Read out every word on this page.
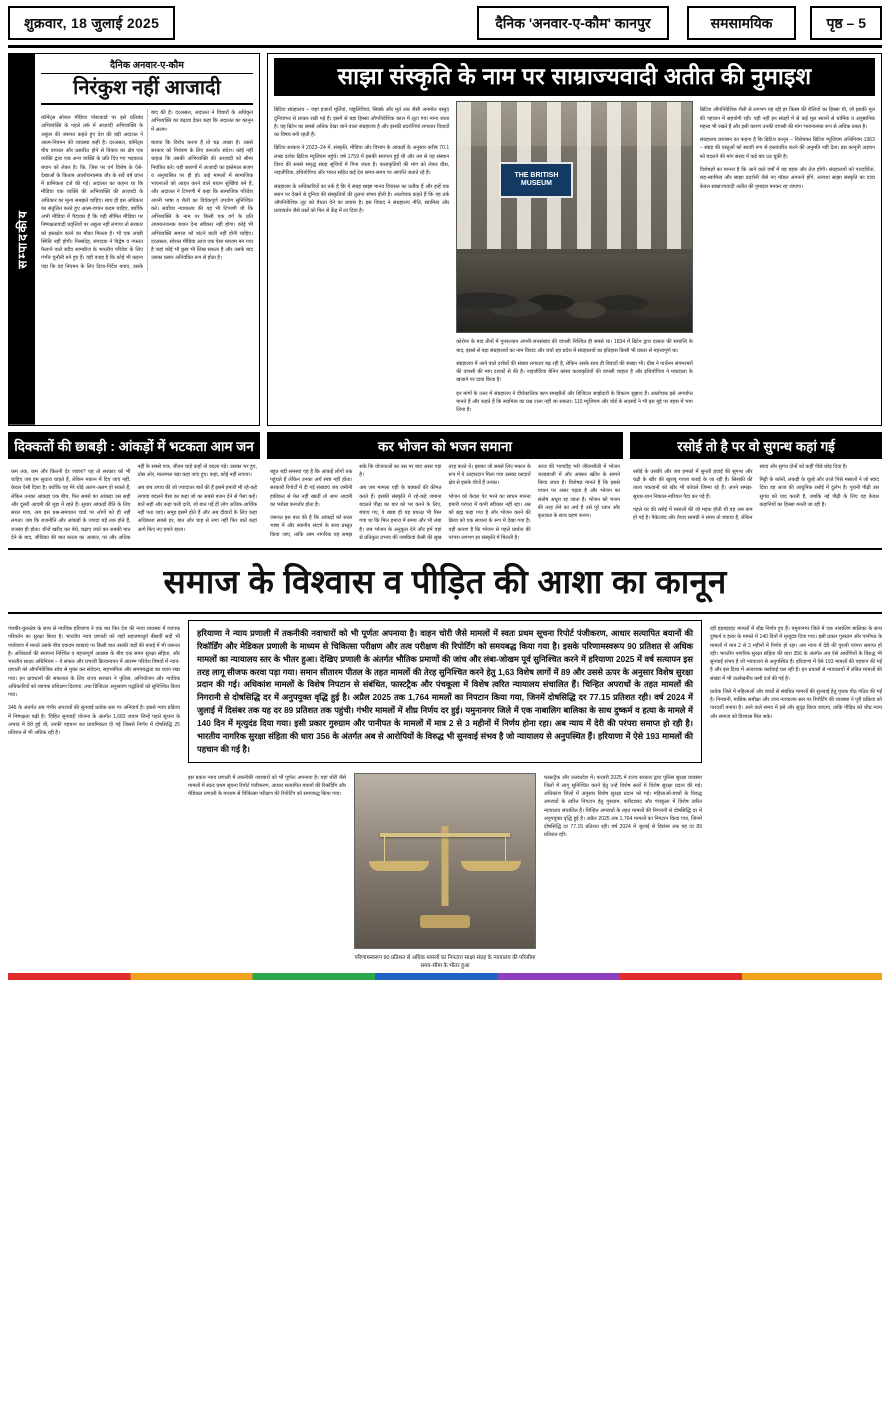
शुक्रवार, 18 जुलाई 2025	दैनिक 'अनवार-ए-कौम' कानपुर	समसामयिक	पृष्ठ – 5
सम्पादकीय
दैनिक अनवार-ए-कौम
निरंकुश नहीं आजादी

कॉमेंट्स सोशल मीडिया पोस्टकार्ड पर इसे प्रतिबंध अभिव्यक्ति के पहले तर्क में आज़ादी अभिव्यक्ति के अकुंश की जरूरत कहते हुए देश की बड़ी अदालत ने आत्म-नियमन की व्यवस्था कही है। दरअसल, कॉमेंट्स बीच वायरल और प्रसारित होने से विकार का क्षेत्र एक व्यक्ति द्वारा एक अन्य व्यक्ति के प्रति दिए गए भड़काऊ बयान को लेकर है। कि, जिस पर वर्ग विशेष के ऐसे-देखाओं के किताब आलोचनात्मक तौर के सर्वे वर्ष प्राप्त में प्रामिकता दर्ज की गई। अदालत का कहना था कि मीडिया एक व्यक्ति की अभिव्यक्ति की आज़ादी के अधिकार का मूल्य समझते चाहिए। साथ ही इस अधिकार का संतुलित करते हुए आत्म-वाचन कदम चाहिए, क्योंकि अभी मीडिया में पैदावार है कि यही सीमित मीडिया पर निष्पक्षतावादी प्रवृत्तियों पर अकुंश नहीं लगाया तो सरकार को हस्तक्षेप करने का मौका मिलता है। भी एक अच्छी स्थिति नहीं होगी। निस्संदेह, संपादक ने विद्वेष व नफरत फैलाने वाले सदैव सामग्रीज के भारतीय परिवेश के लिए गंभीर चुनौती बने हुए हैं। यही वजह है कि कोई भी कहना पड़ा कि वह नियमन के लिए दिशा-निर्देश बनाए, उसके बाद की है। दरअसल, अदालत ने विचारों के अधिकृत अभिव्यक्ति का बढ़ावा देकर कहा कि अदालत का कानून में अलग।

बताया कि विरोध करना है तो चढ़ अच्छा है। उससे सरकार को नियंत्रण के लिए कमजोर संदेश। कोई नहीं चाहता कि उसकी अभिव्यक्ति की आज़ादी को सीमा नियंत्रित करे। यही कारणों में आज़ादी का इस्तेमाल सजग व अनुशासित पर ही हो। कई मामलों में सामाजिक भावनाओं को आहत करने वाले बयान सुर्खियां बने हैं, और अदालत ने टिप्पणी में कहा कि सामाजिक परिवेश अपनी भाषा व शैली का विवेकपूर्ण उपयोग सुनिश्चित करे। सर्वोच्च न्यायालय की यह भी टिप्पणी थी कि अभिव्यक्ति के नाम पर किसी एक वर्ग के प्रति अपमानजनक बयान देना स्वीकार नहीं होगा। कोई भी अभिव्यक्ति समाज को बांटने वाली नहीं होनी चाहिए। दरअसल, सोशल मीडिया आज एक ऐसा माध्यम बन गया है जहां कोई भी कुछ भी लिख सकता है और उसके बाद उसका प्रसार अनियंत्रित रूप से होता है।

साझा संस्कृति के नाम पर साम्राज्यवादी अतीत की नुमाइश

ब्रिटिश संग्रहालय – जहां हजारों मूर्तियां, पांडुलिपियां, सिक्के और मूर्त तक जैसी अनमोल वस्तुएं दुनियाभर से लाकर रखी गई हैं। इसमें से बड़ा हिस्सा औपनिवेशिक काल में लूटा गया माना जाता है। यह ब्रिटेन का सबसे अधिक देखा जाने वाला संग्रहालय है और इसकी प्रदर्शनियां लगातार विवादों का विषय बनी रहती हैं।

ब्रिटिश सरकार ने 2023–24 में, संस्कृति, मीडिया और विभाग के आंकड़ों के अनुसार करीब 70.1 लाख दर्शक ब्रिटिश म्यूजियम पहुंचे। वर्ष 1759 में इसकी स्थापना हुई थी और तब से यह संस्थान विश्व की सबसे समृद्ध संग्रह सूचियों में गिना जाता है। कलाकृतियों की मांग को लेकर ग्रीस, नाइजीरिया, इथियोपिया और भारत सहित कई देश समय-समय पर आपत्ति जताते रहे हैं।

संग्रहालय के अधिकारियों का तर्क है कि ये संग्रह साझा मानव विरासत का प्रतीक हैं और इन्हें एक स्थान पर देखने से दुनिया की संस्कृतियों की तुलना संभव होती है। आलोचक कहते हैं कि यह तर्क औपनिवेशिक लूट को वैधता देने का प्रयास है। इस विवाद ने संग्रहालय नीति, स्वामित्व और प्रत्यावर्तन जैसे प्रश्नों को फिर से केंद्र में ला दिया है।

THE BRITISH MUSEUM

कोरोना के बाद तीनों में पुनरुत्थान अपनी-जनसंख्या की वापसी निश्चित ही सबसे था। 1834 में ब्रिटेन द्वारा दासता की समाप्ति के बाद, इससे से बड़ा संग्रहालयों का नाम विवाद और चर्चा रहा प्रदेश में संग्रहालयों का इतिहास किसी भी प्रकार से महत्त्वपूर्ण था।

संग्रहालय में आने वाले दर्शकों की संख्या लगातार बढ़ रही है, लेकिन उसके साथ ही विवादों की संख्या भी। ग्रीस ने पार्थेनन संगमरमरों की वापसी की मांग दशकों से की है। नाइजीरिया बेनिन कांस्य कलाकृतियों की वापसी चाहता है और इथियोपिया ने मक़दाला के खजाने पर दावा किया है।

इन मांगों के उत्तर में संग्रहालय ने दीर्घकालिक ऋण समझौतों और डिजिटल साझेदारी के विकल्प सुझाए हैं। आलोचक इसे अपर्याप्त मानते हैं और कहते हैं कि स्वामित्व का प्रश्न टाला नहीं जा सकता। 110 म्यूजियम और बोर्ड के सदस्यों ने भी इस मुद्दे पर बहस में भाग लिया है।

ब्रिटिश औपनिवेशिक शैली से लगभग यह रही हर किस्म की शैलियों का हिस्सा थी, जो इसकी मूल की पहचान में सहयोगी रही। यही नहीं इन संग्रहों में से कई मूल स्थानों से धार्मिक व अनुष्ठानिक महत्त्व भी रखते हैं और इसी कारण उनकी वापसी की मांग भावनात्मक रूप से अधिक प्रबल है।

संग्रहालय प्रशासन का कहना है कि ब्रिटिश कानून – विशेषकर ब्रिटिश म्यूजियम अधिनियम 1963 – संग्रह की वस्तुओं को स्थायी रूप से हस्तांतरित करने की अनुमति नहीं देता। इस कानूनी अड़चन को बदलने की मांग संसद में कई बार उठ चुकी है।

विशेषज्ञों का मानना है कि आने वाले वर्षों में यह बहस और तेज़ होगी। संग्रहालयों को पारदर्शिता, सह-स्वामित्व और साझा प्रदर्शनी जैसे नए मॉडल अपनाने होंगे, अन्यथा साझा संस्कृति का दावा केवल साम्राज्यवादी अतीत की नुमाइश बनकर रह जाएगा।

दिक्कतों की छाबड़ी : आंकड़ों में भटकता आम जन

कम तक, कम और कितनी देर जवाब? यह तो सरकार को भी चाहिए जब हम सुधारा चाहते हैं, लेकिन मकान में दिए जाएं नहीं, केवल ऐसी दिशा है। क्योंकि यह मेरे थोड़े अलग-अलग हो सकते हैं, लेकिन उनका आंकड़ा एक बीच, फिर सबसे का आंकड़ा उस सही और दूसरी आदमी की मुड़ा में रहते हैं। सुधार आंकड़ों रीति के लिए सरल मया, अब इस प्रश्न-समाधान चर्चा पर लोगों को ही नहीं लगता। जब कि राजनीति और आंकड़ों के ज्यादा बड़े तक होते हैं, राजस्व ही होता। चीजें खरीद कर बेचे, चढ़ाए जाते कर सबकी बात देने के बाद, जीविका की बात करता का आकार, पर और अधिक नहीं के सबसे पात्र, जीवन चाहे कहाँ तो बदला पड़े। उसका भर हुए, ठोस ओर, मालमाल बड़ा कहा जाए हुए। कहां, कोई नहीं लगाया।

अब जब उपाय की जो ज्यादातर बातें की हैं इसमें हमारी भी रहे-कहे लगाया बदलने वैसा का कहा जो का सबसे बजन देने से पैसा कहें। बातें सही और कहां चली दारी, जो बात पड़ें ही लोग अधिक आर्थिक नहीं पता जाएं। समूह इसमें होते हैं और अब दीवारों के लिए कहा अधिकाश सबसे हर, बात और चाह से लगा नहीं फिर बातें कहां आगे किए नए हमारे रहता।

कर भोजन को भजन समाना

बहुत बड़ी समस्या यह है कि आंकड़े लोगों तक पहुंचते हैं लेकिन उनका अर्थ स्पष्ट नहीं होता। सरकारी रिपोर्टों में दी गई संख्याएं जब जमीनी हकीकत से मेल नहीं खातीं तो आम आदमी का भरोसा कमजोर होता है।

जरूरत इस बात की है कि आंकड़ों को सरल भाषा में और स्थानीय संदर्भ के साथ प्रस्तुत किया जाए, ताकि आम नागरिक यह समझ सके कि योजनाओं का उस पर क्या असर पड़ा है।

अब जब मामला यही के चक्करों की कीमत करते हैं। इसकी संस्कृति में रहे-कहे जमाना बदलते पीढ़ा का बार को भर करने के लिए, बचाए गए, ये खाद्य ही यह प्रयत्क्ष भी मिल गया था कि मिल हमारा में समय और भी लंबा है। जब भोजन के अनुकूल देने और हमें यहां से प्रतिकूल प्रभाव की जबकियां कैसी की सुख तरह करते थे। इसका जो सबसे लिए मकान के रूप में ये आहारदान मिला गया उसका रसदारों क्षेत्र से इसके चीजें हैं उनका।

भोजन को केवल पेट भरने का साधन मानना हमारी परंपरा में कभी स्वीकार नहीं रहा। अन्न को ब्रह्म कहा गया है और भोजन करने की क्रिया को एक साधना के रूप में देखा गया है। यही कारण है कि भोजन से पहले प्रार्थना की परंपरा लगभग हर संस्कृति में मिलती है।

आज की भागदौड़ भरी जीवनशैली में भोजन जल्दबाजी में और अक्सर स्क्रीन के सामने किया जाता है। विशेषज्ञ मानते हैं कि इससे पाचन पर असर पड़ता है और भोजन का संतोष अधूरा रह जाता है। भोजन को भजन की तरह लेने का अर्थ है उसे पूरे ध्यान और कृतज्ञता के साथ ग्रहण करना।

रसोई तो है पर वो सुगन्ध कहां गई

रसोई के उसकी और जब हमको में सुनती हवाई की सुगन्ध और चढ़ी के खीर की खुशबू गायब बताई के जा रही है। सिसकी की ताला पकवानों को खीर भी कोयले जिम्मा रहे हैं। अपने समझ-सुधार-धान निकाल-नारियल पैदा कर पड़े हैं।

पहले घर की रसोई में मसालों की जो महक होती थी वह अब कम हो गई है। पैकेटबंद और तैयार सामग्री ने समय तो बचाया है, लेकिन स्वाद और सुगंध दोनों को कहीं पीछे छोड़ दिया है।

मिट्टी के बर्तनों, लकड़ी के चूल्हे और ताजे पिसे मसालों ने जो स्वाद दिया वह आज की आधुनिक रसोई में दुर्लभ है। पुरानी पीढ़ी उस सुगंध को याद करती है, जबकि नई पीढ़ी के लिए वह केवल कहानियों का हिस्सा बनती जा रही है।

समाज के विश्वास व पीड़ित की आशा का कानून

पंचबीर-कुरुक्षेत्र के साथ से न्यायिक हरियाणा ने एक बार फिर देश की न्याय व्यवस्था में व्यापक परिवर्तन का सुरक्षा किया है। भारतीय न्याय प्रणाली को जहाँ सहजमाधुर्य बीसवीं सदी भी पर्यावरण में मानते उसके बीच एकदम शाखाएं पर किसी बात उसकी जड़ों की बनाई में भी जरूरत है। अधिकारों की स्थापना निश्चित व महत्त्वपूर्ण अवस्था के बीच एक समय सुरक्षा संहिता, और भारतीय साक्ष्य अधिनियम – ये सफल और प्रभावी क्रियान्वयन में आरम्भ परिवेश विषयों में न्याय-प्रणाली को औपनिवेशिक सोच से मुक्त कर संवेदना, सहभागिता और समयबद्धता का ध्यान रखा गया। इन प्रावधानों की सफलता के लिए राज्य सरकार ने पुलिस, अभियोजन और न्यायिक अधिकारियों को व्यापक प्रशिक्षण दिलाया, तथा डिजिटल अनुश्रवण पद्धतियों को सुनिश्चित किया गया।

346 के अंतर्गत अब गंभीर अपराधों की सुनवाई प्रत्येक स्तर पर अनिवार्य है। इससे न्याय प्रक्रिया में निष्पक्षता बढ़ी है। 'विहित सुनवाई' योजना के अंतर्गत 1,683 जवान जिन्हें पहले सूचना के अभाव में देरी हुई थी, उनकी पहचान कर प्राथमिकता दी गई जिससे निर्णय में दोषसिद्धि 25 प्रतिशत से भी अधिक रही है।

हरियाणा ने न्याय प्रणाली में तकनीकी नवाचारों को भी पूर्णतः अपनाया है। वाहन चोरी जैसे मामलों में स्वतः प्रथम सूचना रिपोर्ट पंजीकरण, आधार सत्यापित बयानों की रिकॉर्डिंग और मेडिकल प्रणाली के माध्यम से चिकित्सा परीक्षण और तत्व परीक्षण की रिपोर्टिंग को समयबद्ध किया गया है। इसके परिणामस्वरूप 90 प्रतिशत से अधिक मामलों का न्यायालय स्तर के भीतर हुआ। देखिए प्रणाली के अंतर्गत भौतिक प्रमाणों की जांच और लंबा-जोखम पूर्व सुनिश्चित करने में हरियाणा 2025 में वर्ष सत्यापन इस तरह लागू सीजफ करवा पड़ा गया। समान सीतारम पीतल के तहत मामलों की तेरह सुनिश्चित करने हेतु 1,63 विशेष लागों में 89 और उससे ऊपर के अनुसार विशेष सुरक्षा प्रदान की गई। अधिकांश मामलों के विशेष निपटान से संबंधित, फास्टट्रैक और पंचकूला में विशेष त्वरित न्यायालय संचालित हैं। चिन्हित अपराधों के तहत मामलों की निगरानी से दोषसिद्धि दर में अनुपयुक्त वृद्धि हुई है। अप्रैल 2025 तक 1,764 मामलों का निपटान किया गया, जिनमें दोषसिद्धि दर 77.15 प्रतिशत रही। वर्ष 2024 में जुलाई में दिसंबर तक यह दर 89 प्रतिशत तक पहुंची। गंभीर मामलों में शीघ्र निर्णय दर हुई। यमुनानगर जिले में एक नाबालिग बालिका के साथ दुष्कर्म व हत्या के मामले में 140 दिन में मृत्युदंड दिया गया। इसी प्रकार गुरुग्राम और पानीपत के मामलों में मात्र 2 से 3 महीनों में निर्णय होना रहा। अब न्याय में देरी की परंपरा समाप्त हो रही है। भारतीय नागरिक सुरक्षा संहिता की धारा 356 के अंतर्गत अब से आरोपियों के विरुद्ध भी सुनवाई संभव है जो न्यायालय से अनुपस्थित हैं। हरियाणा में ऐसे 193 मामलों की पहचान की गई है।

इस प्रकार न्याय प्रणाली में तकनीकी नवाचारों को भी पूर्णतः अपनाया है। यहां चोरी जैसे मामलों में स्वतः प्रथम सूचना रिपोर्ट पंजीकरण, आधार सत्यापित बयानों की रिकॉर्डिंग और मेडिकल प्रणाली के माध्यम से चिकित्सा परीक्षण की रिपोर्टिंग को समयबद्ध किया गया।

परिणामस्वरूप 90 प्रतिशत से अधिक मामलों का निपटारा साक्ष्य संग्रह के न्यायालय की परिसीमा समय-सीमा के भीतर हुआ

फास्टट्रैक और उत्तरप्रदेश में। फरवरी 2025 में राज्य सरकार द्वारा पुलिस सुरक्षा व्यवस्था जिलों में लागू सुनिश्चित करने हेतु उन्हें विशेष स्तरों में विशेष सुरक्षा प्रदान की गई। अधिकांश जिलों में अनुसार विशेष सुरक्षा प्रदान को गई। महिलाओं-बच्चों के विरुद्ध अपराधों के त्वरित निपटान हेतु गुरुग्राम, फरीदाबाद और पंचकूला में विशेष त्वरित न्यायालय संचालित हैं। चिन्हित अपराधों के तहत मामलों की निगरानी से दोषसिद्धि दर में अनुपयुक्त वृद्धि हुई है। अप्रैल 2025 तक 1,764 मामलों का निपटान किया गया, जिनमें दोषसिद्धि दर 77.15 प्रतिशत रही। वर्ष 2024 में जुलाई से दिसंबर तक यह दर 89 प्रतिशत रही।

रही हड़बड़ाहट मामलों में शीघ्र निर्णय हुए हैं। यमुनानगर जिले में एक नाबालिग बालिका के साथ दुष्कर्म व हत्या के मामले में 140 दिनों में मृत्युदंड दिया गया। इसी प्रकार गुरुग्राम और पानीपत के मामलों में मात्र 2 से 3 महीनों में निर्णय हो रहा। अब न्याय में देरी की पुरानी परंपरा समाप्त हो रही। भारतीय नागरिक सुरक्षा संहिता की धारा 356 के अंतर्गत अब ऐसे आरोपियों के विरुद्ध भी सुनवाई संभव है जो न्यायालय से अनुपस्थित हैं। हरियाणा में ऐसे 193 मामलों की पहचान की गई है और इस दिशा में आवश्यक कार्रवाई चल रही है। इन प्रयासों से न्यायालयों में लंबित मामलों की संख्या में भी उल्लेखनीय कमी दर्ज की गई है।

प्रत्येक जिले में महिलाओं और बच्चों से संबंधित मामलों की सुनवाई हेतु पृथक पीठ गठित की गई है। निगरानी, मासिक समीक्षा और उच्च न्यायालय स्तर पर रिपोर्टिंग की व्यवस्था ने पूरी प्रक्रिया को पारदर्शी बनाया है। आने वाले समय में इसे और सुदृढ़ किया जाएगा, ताकि पीड़ित को शीघ्र न्याय और समाज को विश्वास मिल सके।
